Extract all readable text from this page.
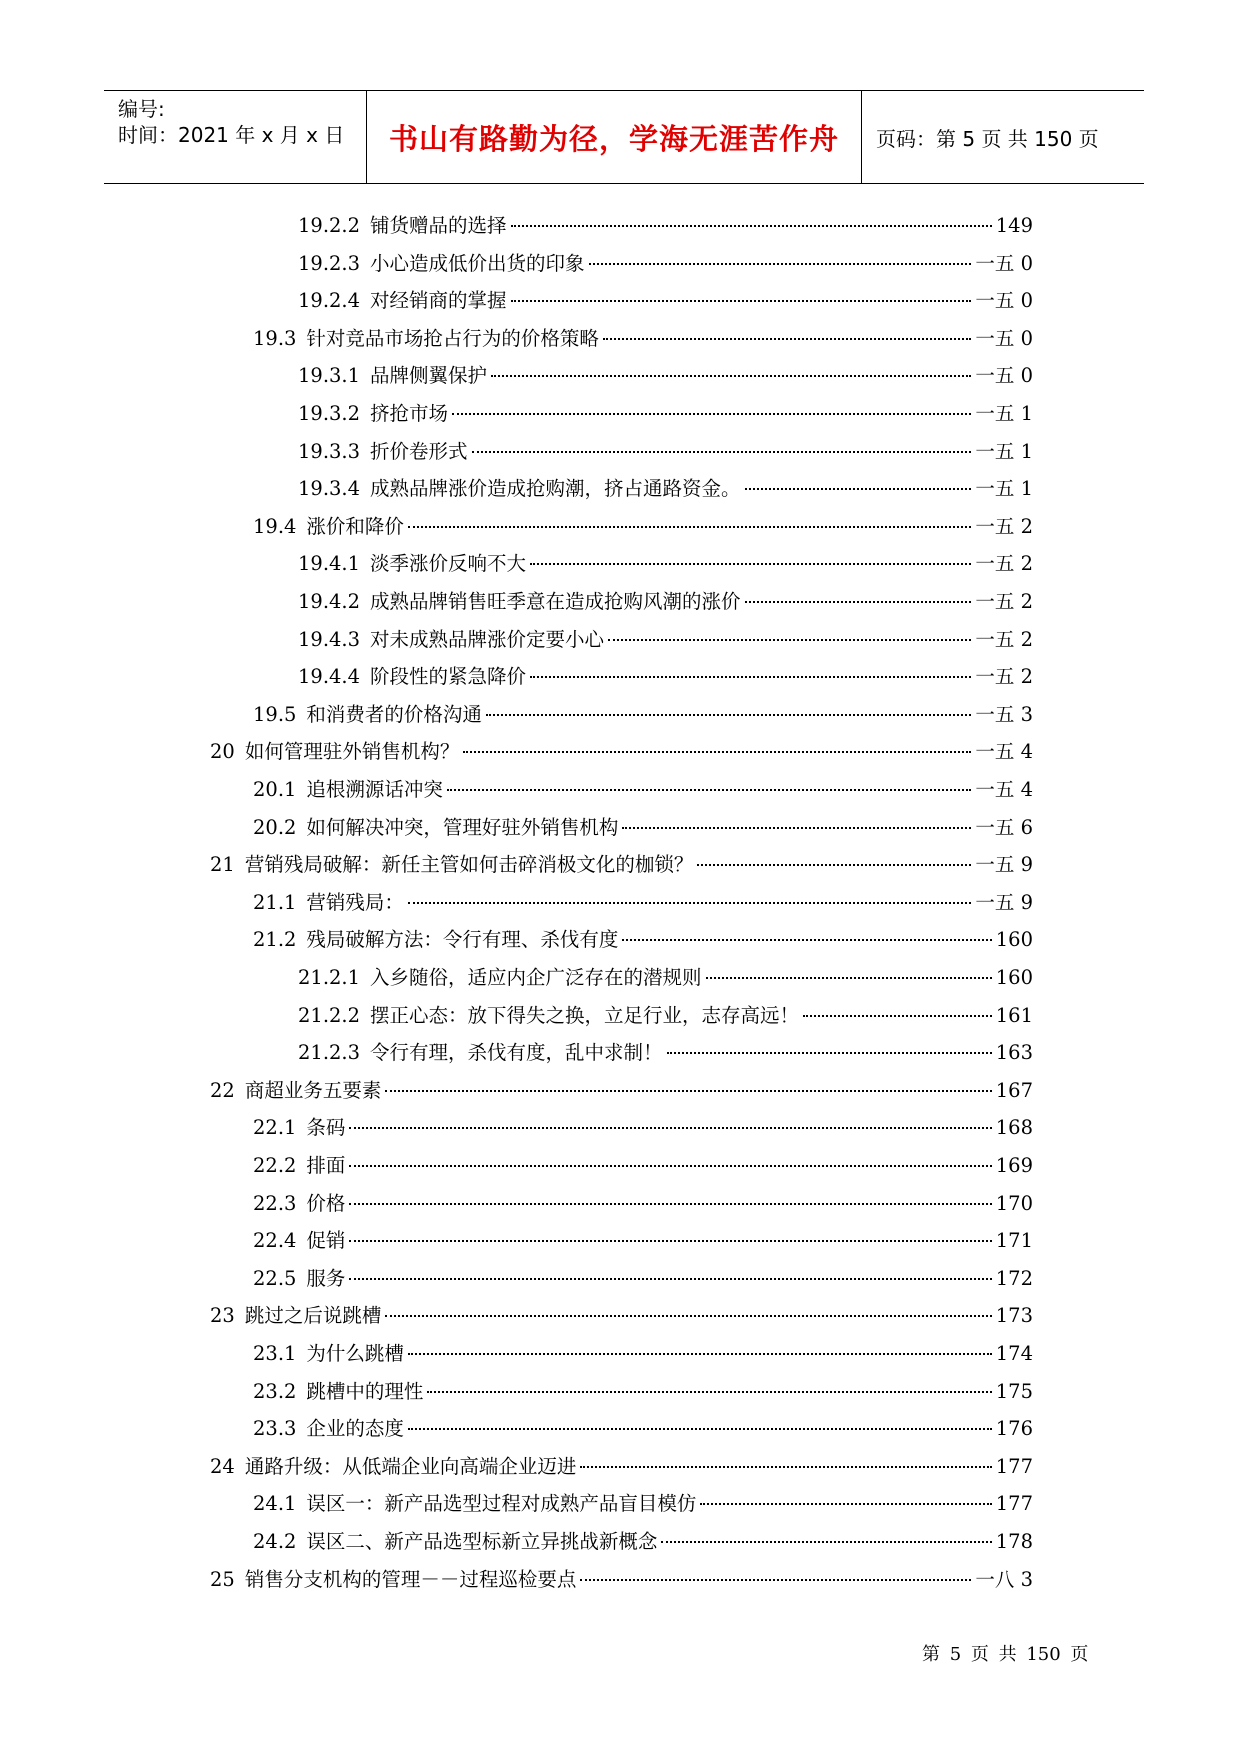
编号:
时间：2021 年 x 月 x 日 书山有路勤为径，学海无涯苦作舟 页码：第 5 页 共 150 页
19.2.2 铺货赠品的选择	149
19.2.3 小心造成低价出货的印象	一五 0
19.2.4 对经销商的掌握	一五 0
19.3 针对竞品市场抢占行为的价格策略	一五 0
19.3.1 品牌侧翼保护	一五 0
19.3.2 挤抢市场	一五 1
19.3.3 折价卷形式	一五 1
19.3.4 成熟品牌涨价造成抢购潮，挤占通路资金。	一五 1
19.4 涨价和降价	一五 2
19.4.1 淡季涨价反响不大	一五 2
19.4.2 成熟品牌销售旺季意在造成抢购风潮的涨价	一五 2
19.4.3 对未成熟品牌涨价定要小心	一五 2
19.4.4 阶段性的紧急降价	一五 2
19.5 和消费者的价格沟通	一五 3
20 如何管理驻外销售机构？	一五 4
20.1 追根溯源话冲突	一五 4
20.2 如何解决冲突，管理好驻外销售机构	一五 6
21 营销残局破解：新任主管如何击碎消极文化的枷锁？	一五 9
21.1 营销残局：	一五 9
21.2 残局破解方法：令行有理、杀伐有度	160
21.2.1 入乡随俗，适应内企广泛存在的潜规则	160
21.2.2 摆正心态：放下得失之换，立足行业，志存高远！	161
21.2.3 令行有理，杀伐有度，乱中求制！	163
22 商超业务五要素	167
22.1 条码	168
22.2 排面	169
22.3 价格	170
22.4 促销	171
22.5 服务	172
23 跳过之后说跳槽	173
23.1 为什么跳槽	174
23.2 跳槽中的理性	175
23.3 企业的态度	176
24 通路升级：从低端企业向高端企业迈进	177
24.1 误区一：新产品选型过程对成熟产品盲目模仿	177
24.2 误区二、新产品选型标新立异挑战新概念	178
25 销售分支机构的管理－－过程巡检要点	一八 3
第 5 页 共 150 页
